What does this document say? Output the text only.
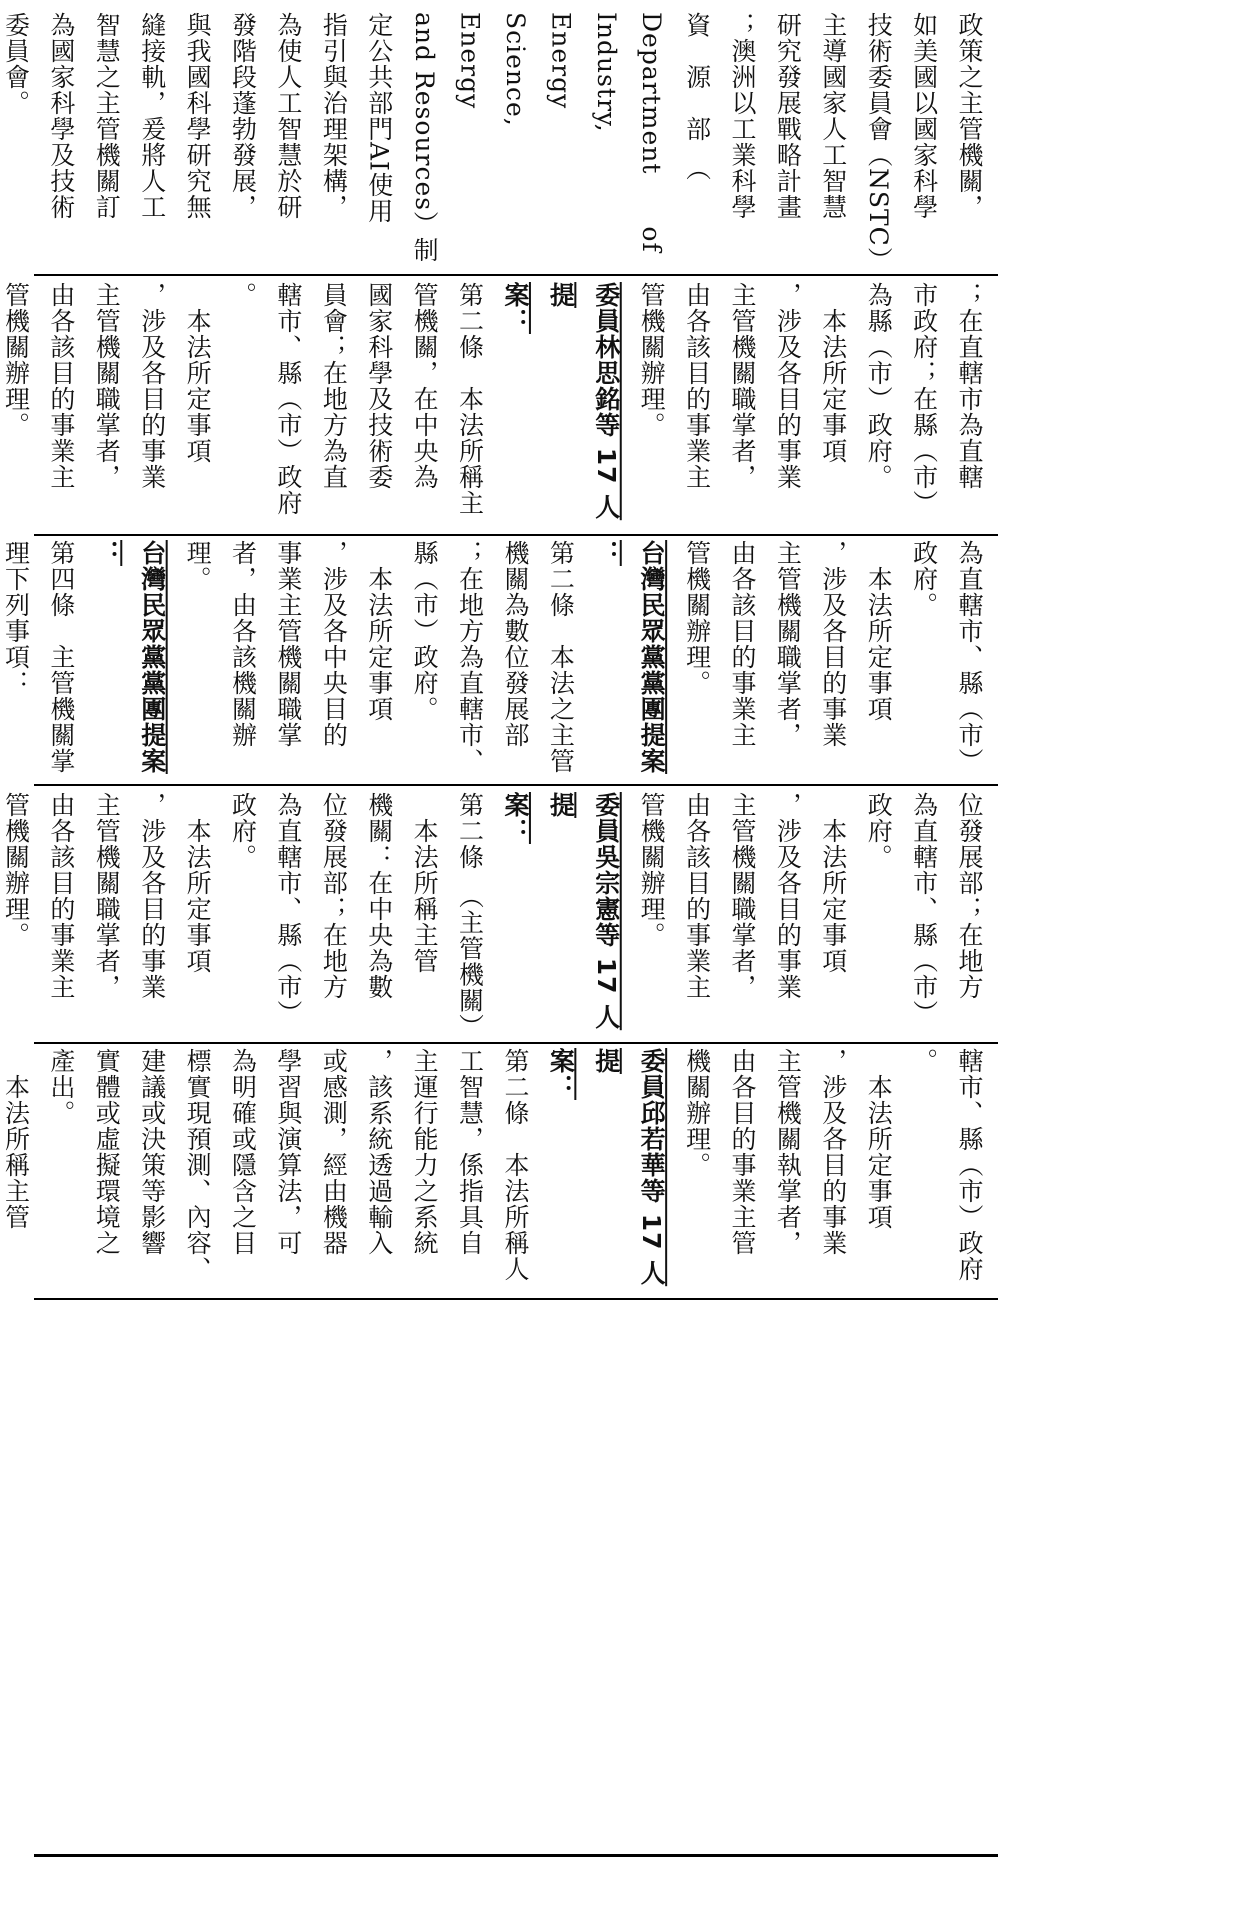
政策之主管機關，
如美國以國家科學
技術委員會（NSTC）
主導國家人工智慧
研究發展戰略計畫
；澳洲以工業科學
資　源　部　（
Department　　of
Industry,　　Energy
Science,　　Energy
and Resources）制
定公共部門AI使用
指引與治理架構，
為使人工智慧於研
發階段蓬勃發展，
與我國科學研究無
縫接軌，爰將人工
智慧之主管機關訂
為國家科學及技術
委員會。
；在直轄市為直轄
市政府；在縣（市）
為縣（市）政府。
　本法所定事項
，涉及各目的事業
主管機關職掌者，
由各該目的事業主
管機關辦理。
委員林思銘等 17 人提
案：
第二條　本法所稱主
管機關，在中央為
國家科學及技術委
員會；在地方為直
轄市、縣（市）政府
。
　本法所定事項
，涉及各目的事業
主管機關職掌者，
由各該目的事業主
管機關辦理。
為直轄市、縣（市）
政府。
　本法所定事項
，涉及各目的事業
主管機關職掌者，
由各該目的事業主
管機關辦理。
台灣民眾黨黨團提案
：
第二條　本法之主管
機關為數位發展部
；在地方為直轄市、
縣（市）政府。
　本法所定事項
，涉及各中央目的
事業主管機關職掌
者，由各該機關辦
理。
台灣民眾黨黨團提案
：
第四條　主管機關掌
理下列事項：
位發展部；在地方
為直轄市、縣（市）
政府。
　本法所定事項
，涉及各目的事業
主管機關職掌者，
由各該目的事業主
管機關辦理。
委員吳宗憲等 17 人提
案：
第二條　（主管機關）
　本法所稱主管
機關：在中央為數
位發展部；在地方
為直轄市、縣（市）
政府。
　本法所定事項
，涉及各目的事業
主管機關職掌者，
由各該目的事業主
管機關辦理。
轄市、縣（市）政府
。
　本法所定事項
，涉及各目的事業
主管機關執掌者，
由各目的事業主管
機關辦理。
委員邱若華等 17 人提
案：
第二條　本法所稱人
工智慧，係指具自
主運行能力之系統
，該系統透過輸入
或感測，經由機器
學習與演算法，可
為明確或隱含之目
標實現預測、內容、
建議或決策等影響
實體或虛擬環境之
產出。
　本法所稱主管
